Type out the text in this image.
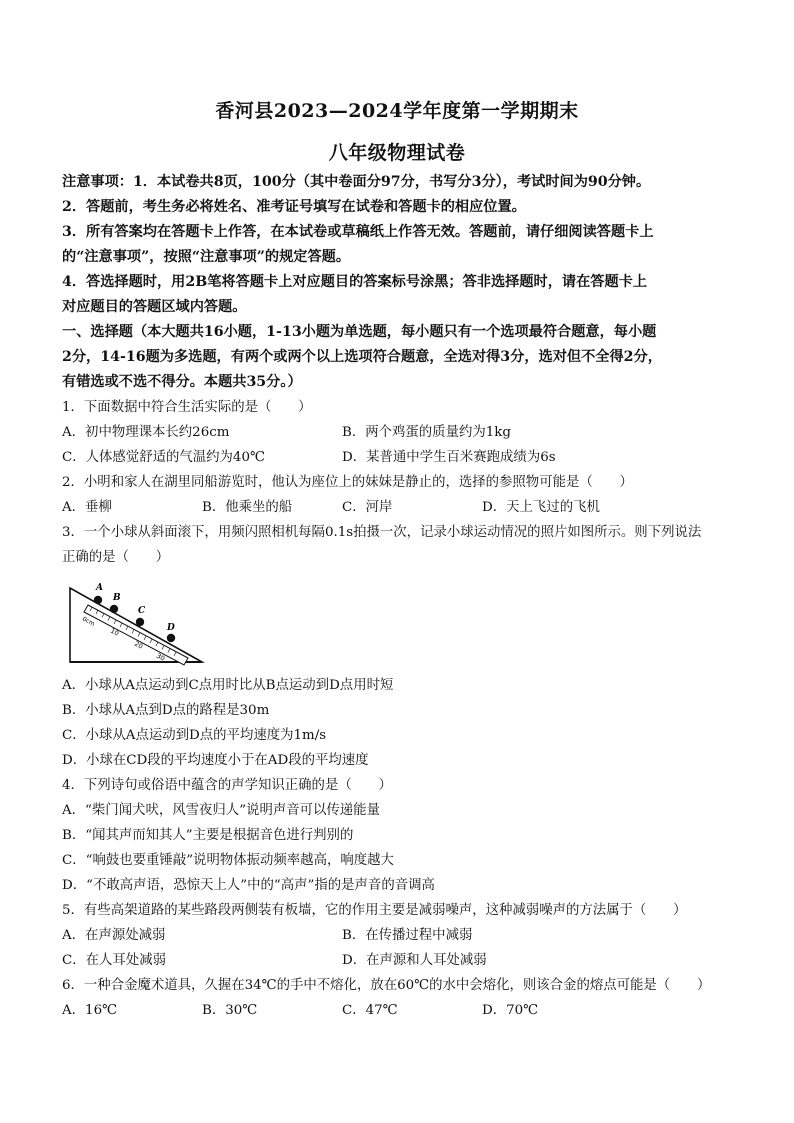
香河县2023—2024学年度第一学期期末
八年级物理试卷
注意事项：1．本试卷共8页，100分（其中卷面分97分，书写分3分），考试时间为90分钟。
2．答题前，考生务必将姓名、准考证号填写在试卷和答题卡的相应位置。
3．所有答案均在答题卡上作答，在本试卷或草稿纸上作答无效。答题前，请仔细阅读答题卡上
的“注意事项”，按照“注意事项”的规定答题。
4．答选择题时，用2B笔将答题卡上对应题目的答案标号涂黑；答非选择题时，请在答题卡上
对应题目的答题区域内答题。
一、选择题（本大题共16小题，1-13小题为单选题，每小题只有一个选项最符合题意，每小题
2分，14-16题为多选题，有两个或两个以上选项符合题意，全选对得3分，选对但不全得2分，
有错选或不选不得分。本题共35分。）
1．下面数据中符合生活实际的是（　　）
A．初中物理课本长约26cm	B．两个鸡蛋的质量约为1kg
C．人体感觉舒适的气温约为40℃	D．某普通中学生百米赛跑成绩为6s
2．小明和家人在湖里同船游览时，他认为座位上的妹妹是静止的，选择的参照物可能是（　　）
A．垂柳	B．他乘坐的船	C．河岸	D．天上飞过的飞机
3．一个小球从斜面滚下，用频闪照相机每隔0.1s拍摄一次，记录小球运动情况的照片如图所示。则下列说法
正确的是（　　）
0cm
10
20
30
A
B
C
D
A．小球从A点运动到C点用时比从B点运动到D点用时短
B．小球从A点到D点的路程是30m
C．小球从A点运动到D点的平均速度为1m/s
D．小球在CD段的平均速度小于在AD段的平均速度
4．下列诗句或俗语中蕴含的声学知识正确的是（　　）
A．“柴门闻犬吠，风雪夜归人”说明声音可以传递能量
B．“闻其声而知其人”主要是根据音色进行判别的
C．“响鼓也要重锤敲”说明物体振动频率越高，响度越大
D．“不敢高声语，恐惊天上人”中的“高声”指的是声音的音调高
5．有些高架道路的某些路段两侧装有板墙，它的作用主要是减弱噪声，这种减弱噪声的方法属于（　　）
A．在声源处减弱	B．在传播过程中减弱
C．在人耳处减弱	D．在声源和人耳处减弱
6．一种合金魔术道具，久握在34℃的手中不熔化，放在60℃的水中会熔化，则该合金的熔点可能是（　　）
A．16℃	B．30℃	C．47℃	D．70℃
